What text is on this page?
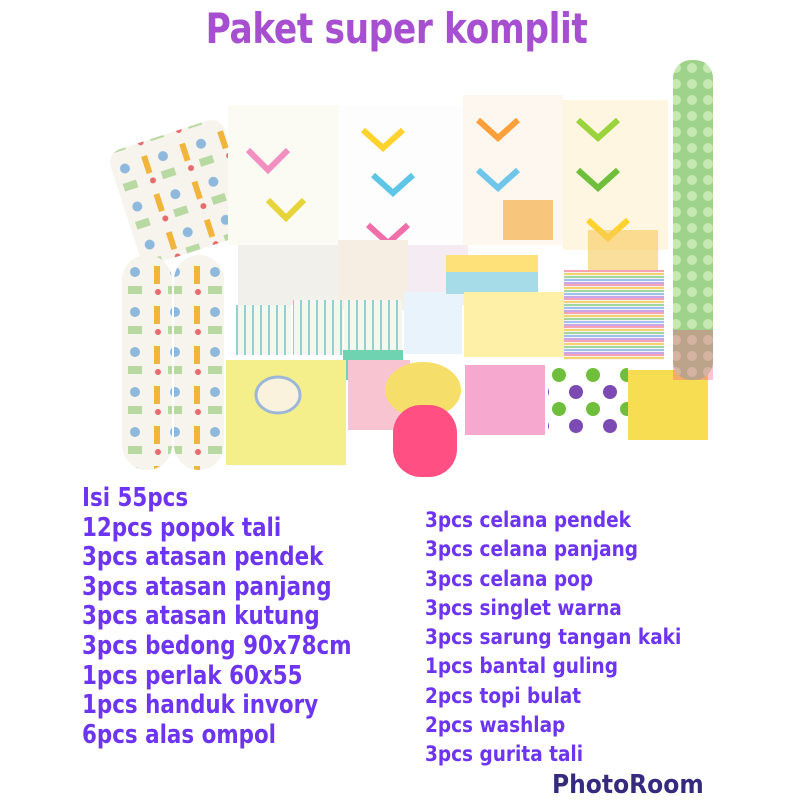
Paket super komplit
Isi 55pcs
12pcs popok tali
3pcs atasan pendek
3pcs atasan panjang
3pcs atasan kutung
3pcs bedong 90x78cm
1pcs perlak 60x55
1pcs handuk invory
6pcs alas ompol
3pcs celana pendek
3pcs celana panjang
3pcs celana pop
3pcs singlet warna
3pcs sarung tangan kaki
1pcs bantal guling
2pcs topi bulat
2pcs washlap
3pcs gurita tali
PhotoRoom
